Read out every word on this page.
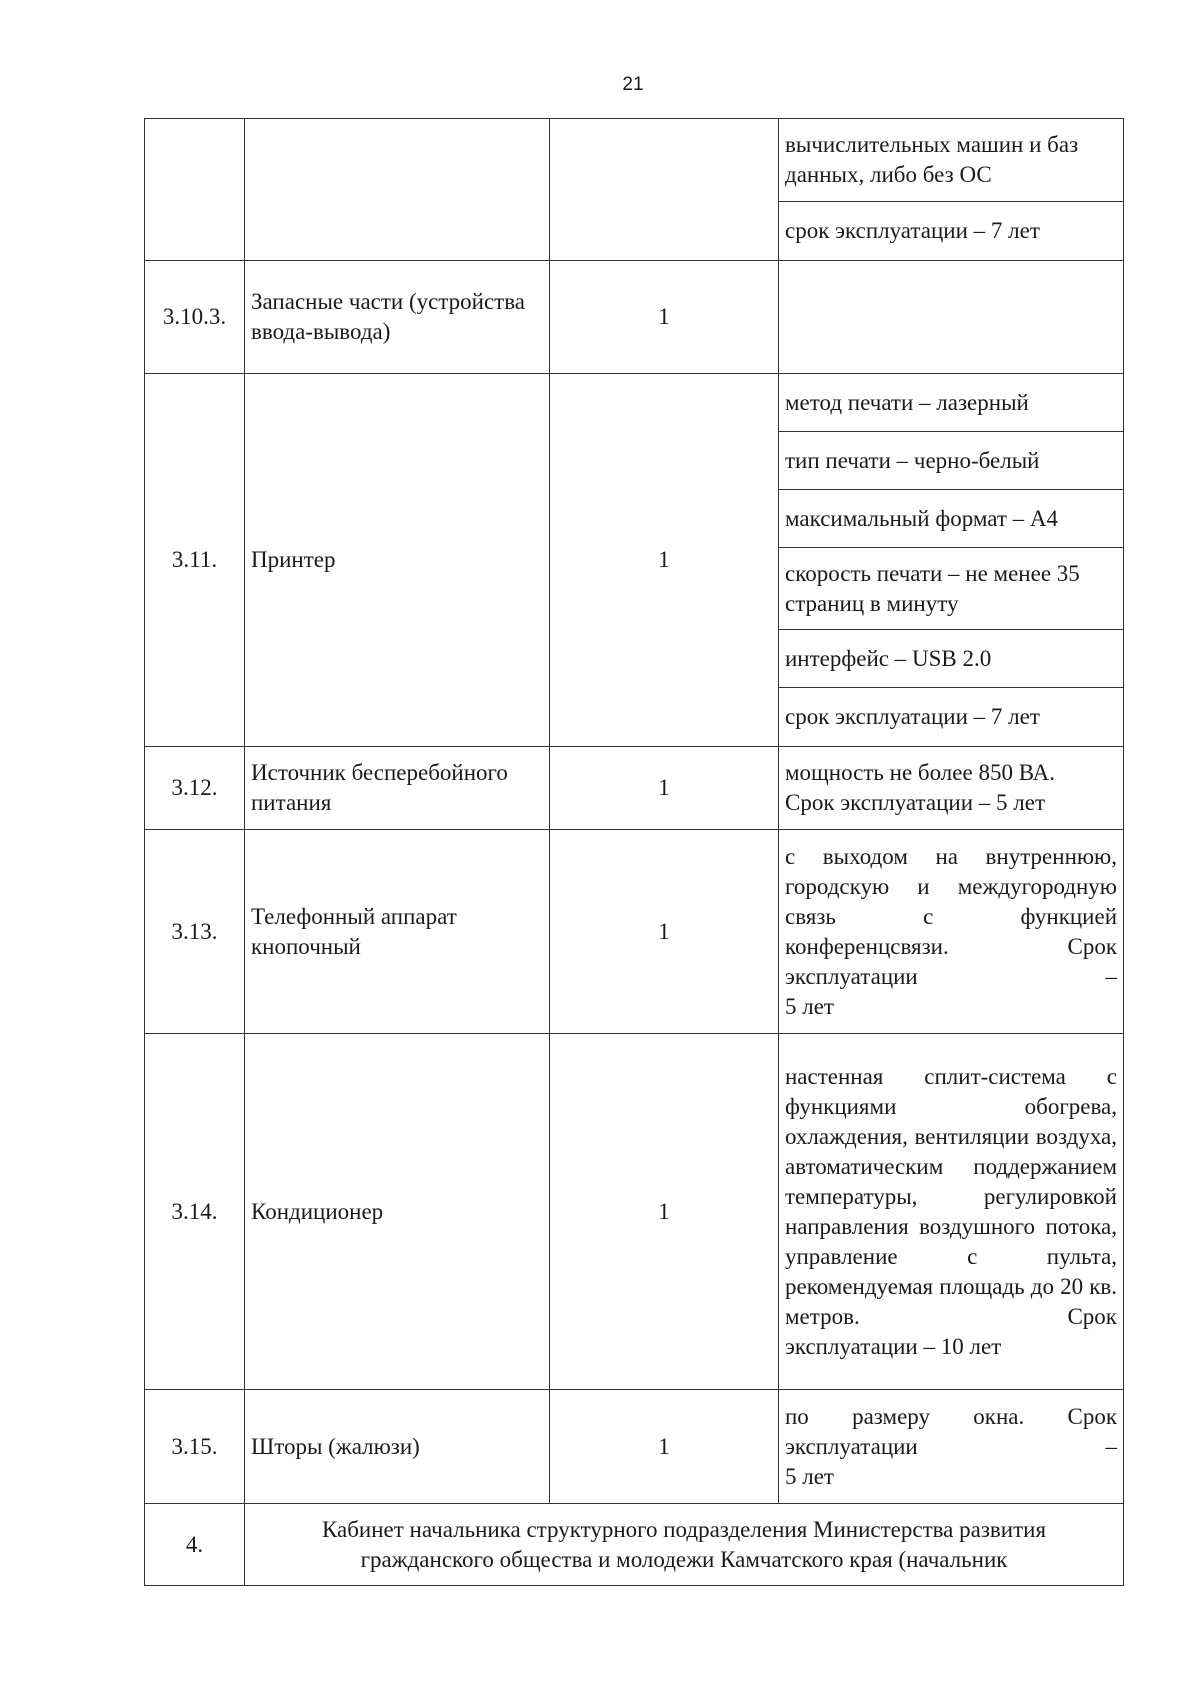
21
			вычислительных машин и баз данных, либо без ОС
			срок эксплуатации – 7 лет
3.10.3.	Запасные части (устройства ввода-вывода)	1	
3.11.	Принтер	1	метод печати – лазерный
			тип печати – черно-белый
			максимальный формат – А4
			скорость печати – не менее 35 страниц в минуту
			интерфейс – USB 2.0
			срок эксплуатации – 7 лет
3.12.	Источник бесперебойного питания	1	мощность не более 850 ВА.
Срок эксплуатации – 5 лет

3.13.	Телефонный аппарат кнопочный	1	с выходом на внутреннюю, городскую и междугородную связь с функцией конференцсвязи. Срок эксплуатации –
5 лет

3.14.	Кондиционер	1	настенная сплит-система с функциями обогрева, охлаждения, вентиляции воздуха, автоматическим поддержанием температуры, регулировкой направления воздушного потока, управление с пульта, рекомендуемая площадь до 20 кв. метров. Срок
эксплуатации – 10 лет

3.15.	Шторы (жалюзи)	1	по размеру окна. Срок эксплуатации –
5 лет

4.	Кабинет начальника структурного подразделения Министерства развития гражданского общества и молодежи Камчатского края (начальник		
